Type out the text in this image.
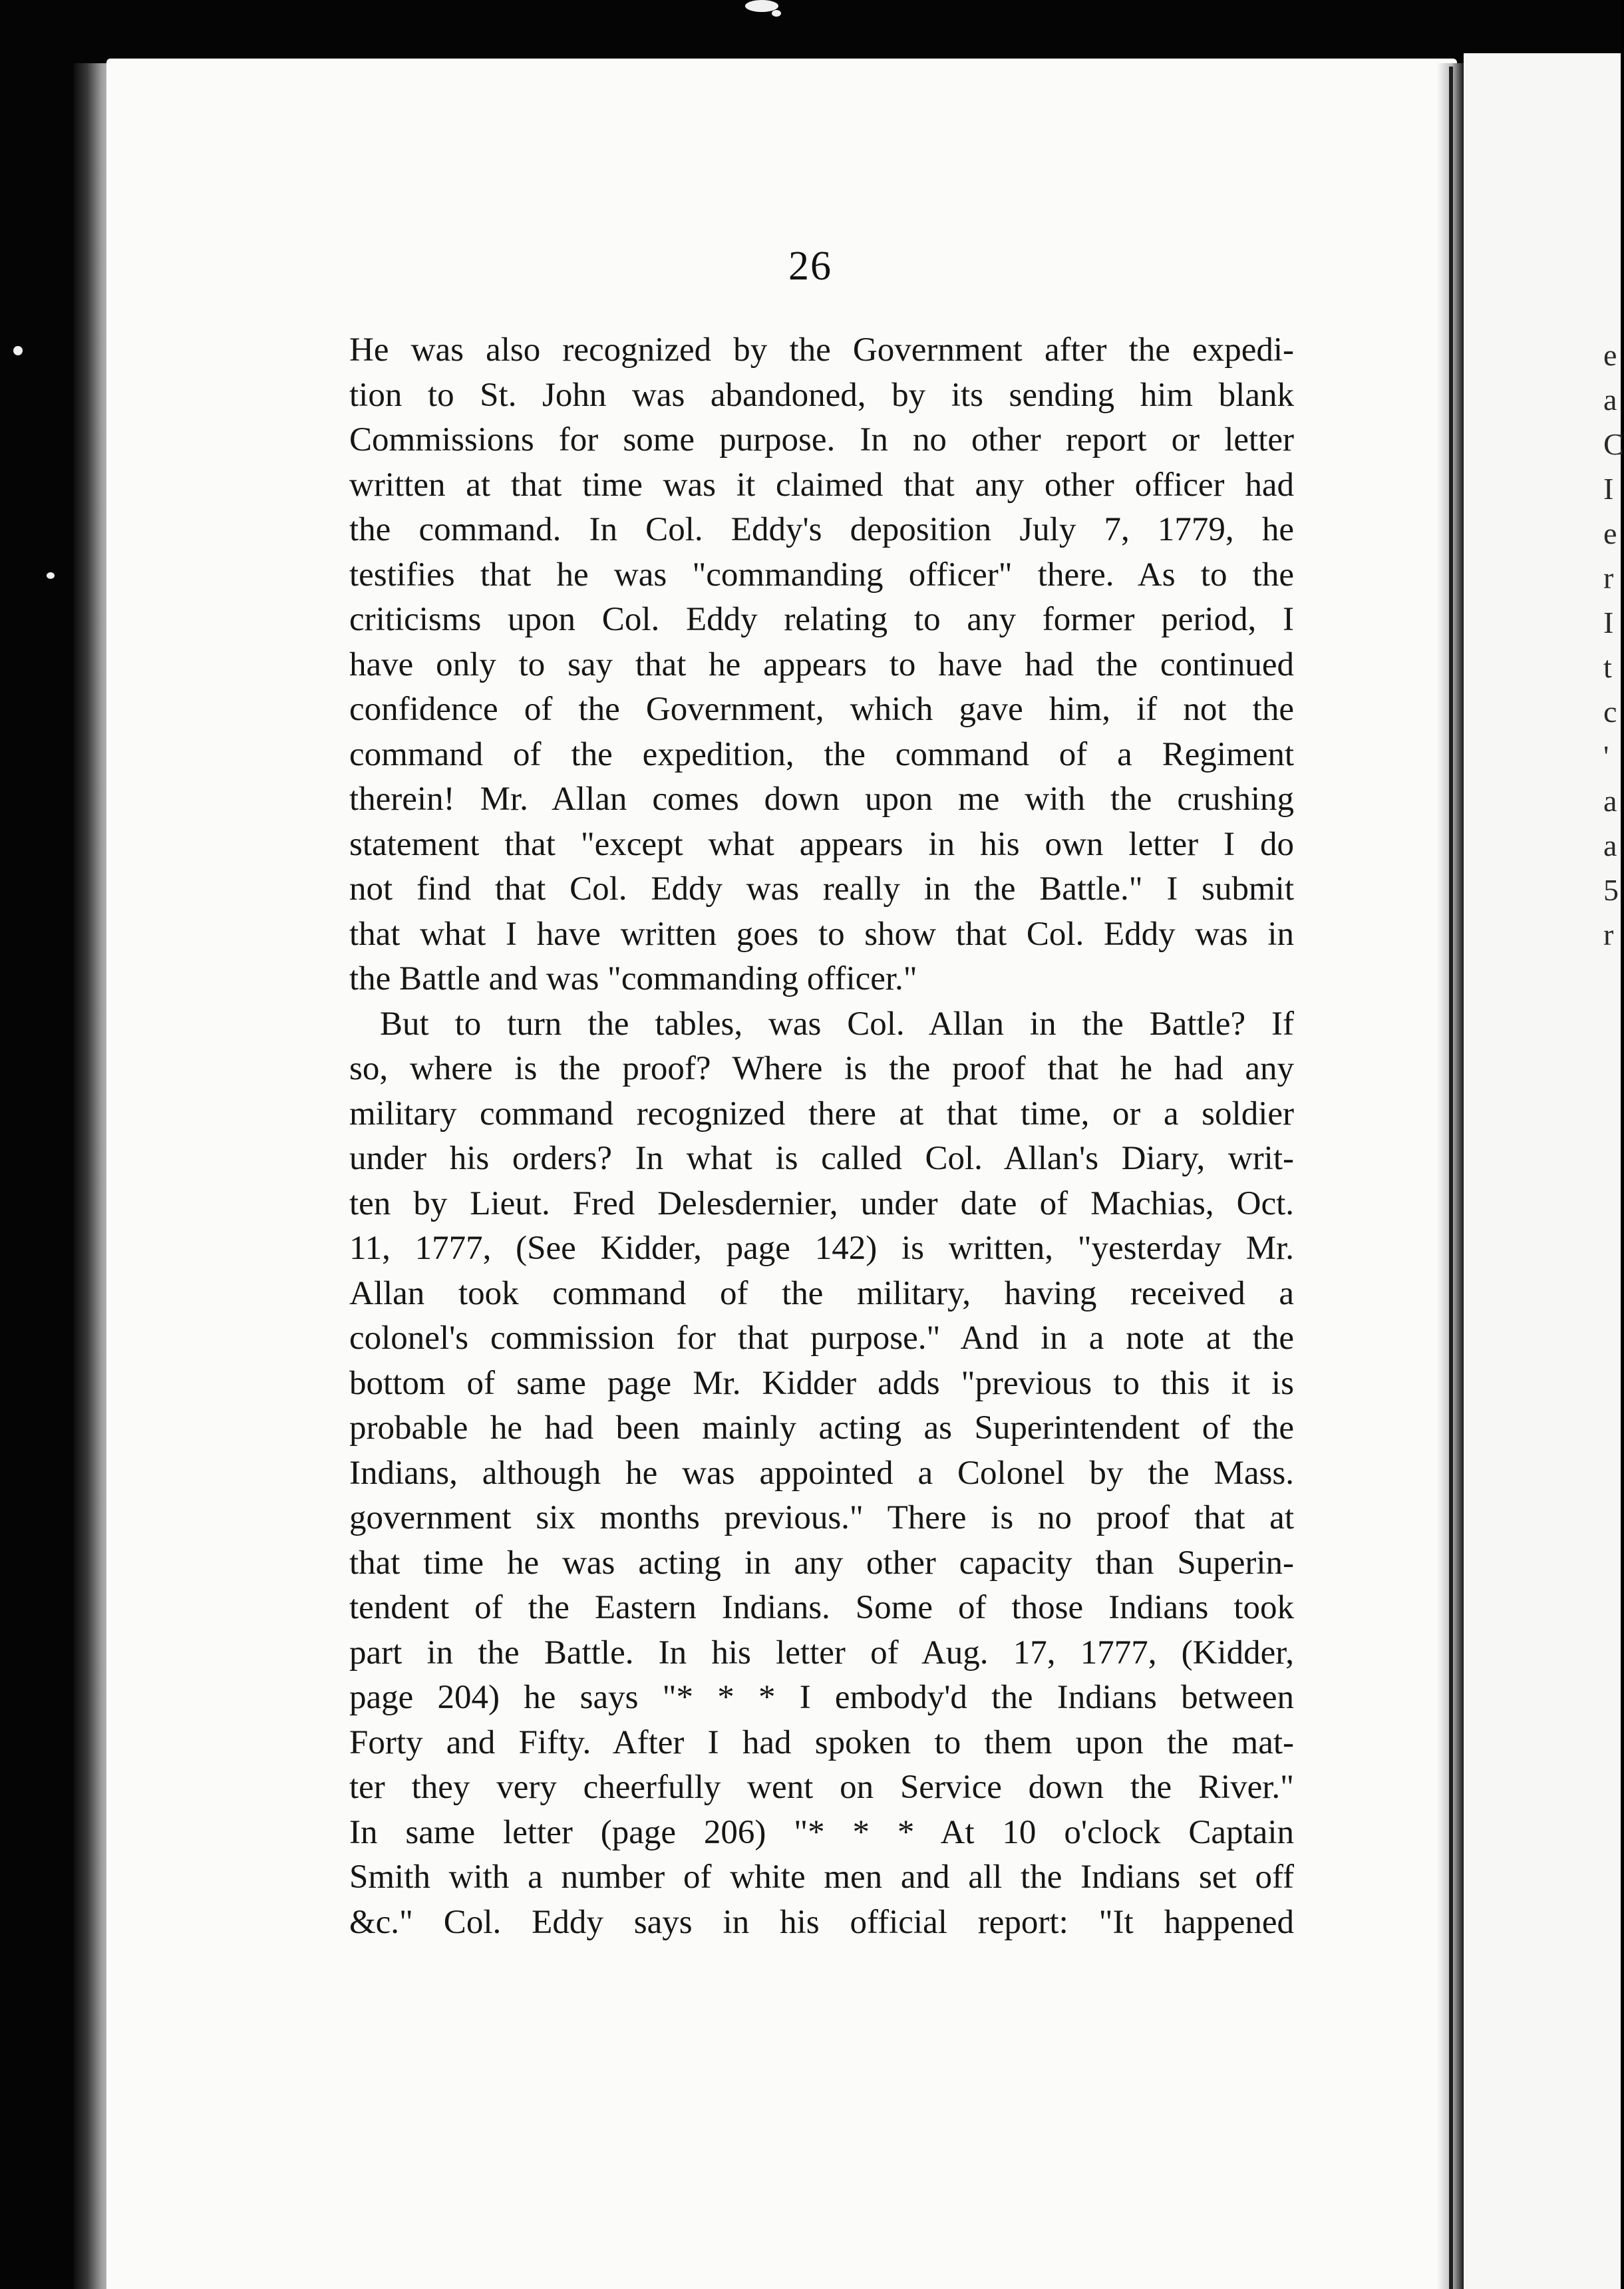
e
a
C
I
e
r
I
t
c
'
a
a
5
r
26
He was also recognized by the Government after the expedi-
tion to St. John was abandoned, by its sending him blank
Commissions for some purpose. In no other report or letter
written at that time was it claimed that any other officer had
the command. In Col. Eddy's deposition July 7, 1779, he
testifies that he was "commanding officer" there. As to the
criticisms upon Col. Eddy relating to any former period, I
have only to say that he appears to have had the continued
confidence of the Government, which gave him, if not the
command of the expedition, the command of a Regiment
therein! Mr. Allan comes down upon me with the crushing
statement that "except what appears in his own letter I do
not find that Col. Eddy was really in the Battle." I submit
that what I have written goes to show that Col. Eddy was in
the Battle and was "commanding officer."
But to turn the tables, was Col. Allan in the Battle? If
so, where is the proof? Where is the proof that he had any
military command recognized there at that time, or a soldier
under his orders? In what is called Col. Allan's Diary, writ-
ten by Lieut. Fred Delesdernier, under date of Machias, Oct.
11, 1777, (See Kidder, page 142) is written, "yesterday Mr.
Allan took command of the military, having received a
colonel's commission for that purpose." And in a note at the
bottom of same page Mr. Kidder adds "previous to this it is
probable he had been mainly acting as Superintendent of the
Indians, although he was appointed a Colonel by the Mass.
government six months previous." There is no proof that at
that time he was acting in any other capacity than Superin-
tendent of the Eastern Indians. Some of those Indians took
part in the Battle. In his letter of Aug. 17, 1777, (Kidder,
page 204) he says "* * * I embody'd the Indians between
Forty and Fifty. After I had spoken to them upon the mat-
ter they very cheerfully went on Service down the River."
In same letter (page 206) "* * * At 10 o'clock Captain
Smith with a number of white men and all the Indians set off
&c." Col. Eddy says in his official report: "It happened
